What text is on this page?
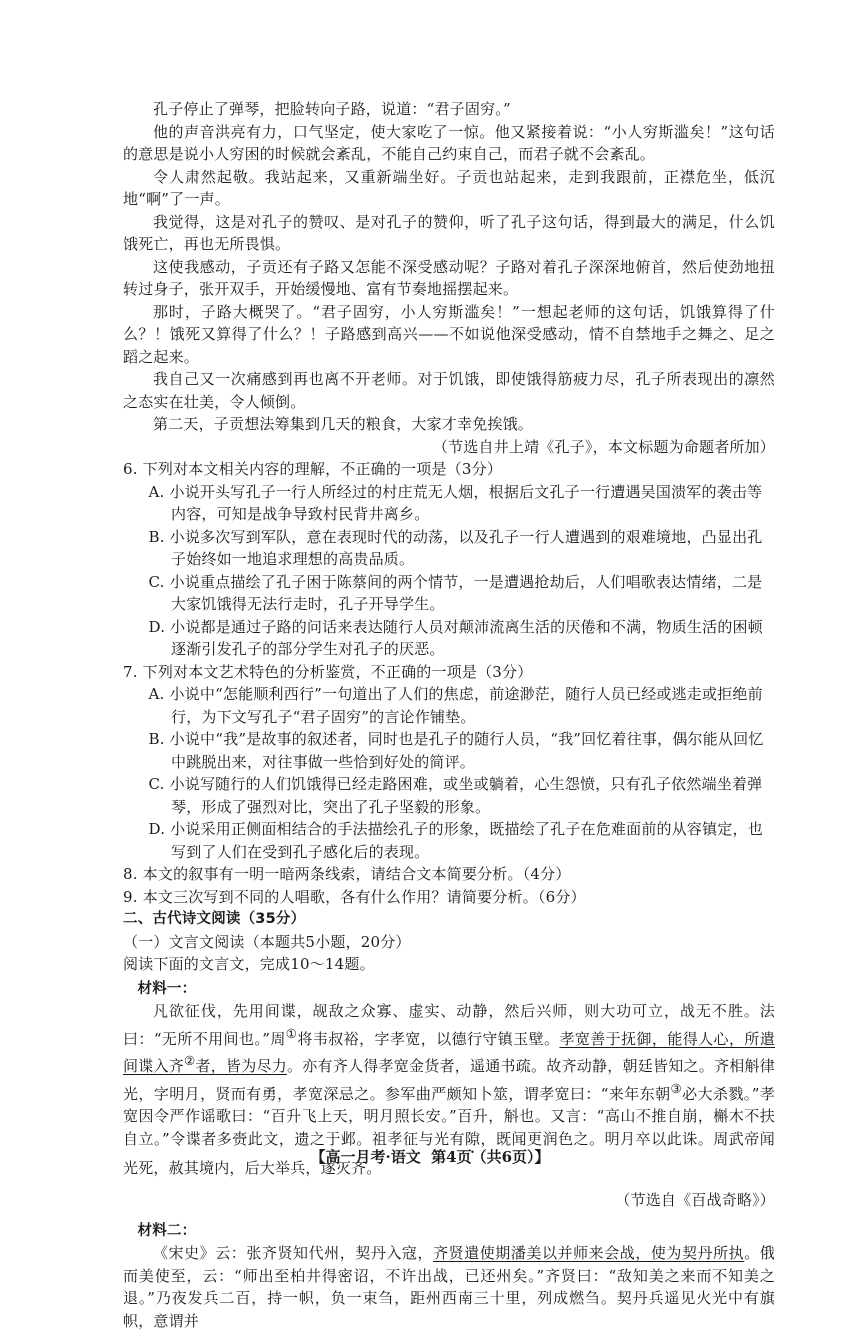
孔子停止了弹琴，把脸转向子路，说道：“君子固穷。”

他的声音洪亮有力，口气坚定，使大家吃了一惊。他又紧接着说：“小人穷斯滥矣！”这句话的意思是说小人穷困的时候就会紊乱，不能自己约束自己，而君子就不会紊乱。

令人肃然起敬。我站起来，又重新端坐好。子贡也站起来，走到我跟前，正襟危坐，低沉地“啊”了一声。

我觉得，这是对孔子的赞叹、是对孔子的赞仰，听了孔子这句话，得到最大的满足，什么饥饿死亡，再也无所畏惧。

这使我感动，子贡还有子路又怎能不深受感动呢？子路对着孔子深深地俯首，然后使劲地扭转过身子，张开双手，开始缓慢地、富有节奏地摇摆起来。

那时，子路大概哭了。“君子固穷，小人穷斯滥矣！”一想起老师的这句话，饥饿算得了什么？！饿死又算得了什么？！子路感到高兴——不如说他深受感动，情不自禁地手之舞之、足之蹈之起来。

我自己又一次痛感到再也离不开老师。对于饥饿，即使饿得筋疲力尽，孔子所表现出的凛然之态实在壮美，令人倾倒。

第二天，子贡想法筹集到几天的粮食，大家才幸免挨饿。

（节选自井上靖《孔子》，本文标题为命题者所加）

6. 下列对本文相关内容的理解，不正确的一项是（3分）

A. 小说开头写孔子一行人所经过的村庄荒无人烟，根据后文孔子一行遭遇吴国溃军的袭击等内容，可知是战争导致村民背井离乡。

B. 小说多次写到军队，意在表现时代的动荡，以及孔子一行人遭遇到的艰难境地，凸显出孔子始终如一地追求理想的高贵品质。

C. 小说重点描绘了孔子困于陈蔡间的两个情节，一是遭遇抢劫后，人们唱歌表达情绪，二是大家饥饿得无法行走时，孔子开导学生。

D. 小说都是通过子路的问话来表达随行人员对颠沛流离生活的厌倦和不满，物质生活的困顿逐渐引发孔子的部分学生对孔子的厌恶。

7. 下列对本文艺术特色的分析鉴赏，不正确的一项是（3分）

A. 小说中“怎能顺利西行”一句道出了人们的焦虑，前途渺茫，随行人员已经或逃走或拒绝前行，为下文写孔子“君子固穷”的言论作铺垫。

B. 小说中“我”是故事的叙述者，同时也是孔子的随行人员，“我”回忆着往事，偶尔能从回忆中跳脱出来，对往事做一些恰到好处的简评。

C. 小说写随行的人们饥饿得已经走路困难，或坐或躺着，心生怨愤，只有孔子依然端坐着弹琴，形成了强烈对比，突出了孔子坚毅的形象。

D. 小说采用正侧面相结合的手法描绘孔子的形象，既描绘了孔子在危难面前的从容镇定，也写到了人们在受到孔子感化后的表现。

8. 本文的叙事有一明一暗两条线索，请结合文本简要分析。（4分）

9. 本文三次写到不同的人唱歌，各有什么作用？请简要分析。（6分）

二、古代诗文阅读（35分）

（一）文言文阅读（本题共5小题，20分）

阅读下面的文言文，完成10～14题。

材料一：

凡欲征伐，先用间谍，觇敌之众寡、虚实、动静，然后兴师，则大功可立，战无不胜。法曰：“无所不用间也。”周①将韦叔裕，字孝宽，以德行守镇玉壁。孝宽善于抚御，能得人心，所遣间谍入齐②者，皆为尽力。亦有齐人得孝宽金货者，遥通书疏。故齐动静，朝廷皆知之。齐相斛律光，字明月，贤而有勇，孝宽深忌之。参军曲严颇知卜筮，谓孝宽曰：“来年东朝③必大杀戮。”孝宽因令严作谣歌曰：“百升飞上天，明月照长安。”百升，斛也。又言：“高山不推自崩，槲木不扶自立。”令谍者多赍此文，遗之于邺。祖孝征与光有隙，既闻更润色之。明月卒以此诛。周武帝闻光死，赦其境内，后大举兵，遂灭齐。

（节选自《百战奇略》）

材料二：

《宋史》云：张齐贤知代州，契丹入寇，齐贤遣使期潘美以并师来会战，使为契丹所执。俄而美使至，云：“师出至柏井得密诏，不许出战，已还州矣。”齐贤曰：“敌知美之来而不知美之退。”乃夜发兵二百，持一帜，负一束刍，距州西南三十里，列成燃刍。契丹兵遥见火光中有旗帜，意谓并

【高一月考·语文 第4页（共6页）】
